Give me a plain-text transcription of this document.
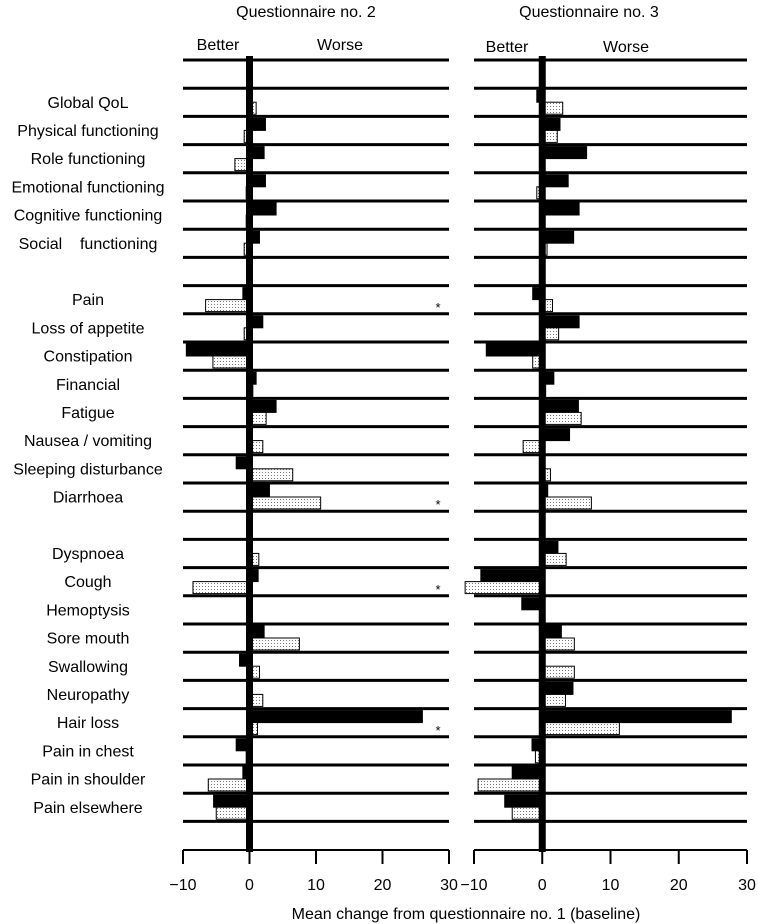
Questionnaire no. 2	Questionnaire no. 3
Better	Worse	Better	Worse
−10	0	10	20	30 −10	0	10	20	30
Global QoL
Physical functioning
Role functioning
Emotional functioning
Cognitive functioning
Social    functioning
Pain
Loss of appetite
Constipation
Financial
Fatigue
Nausea / vomiting
Sleeping disturbance
Diarrhoea
Dyspnoea
Cough
Hemoptysis
Sore mouth
Swallowing
Neuropathy
Hair loss
Pain in chest
Pain in shoulder
Pain elsewhere
*
*
*
*
Mean change from questionnaire no. 1 (baseline)
